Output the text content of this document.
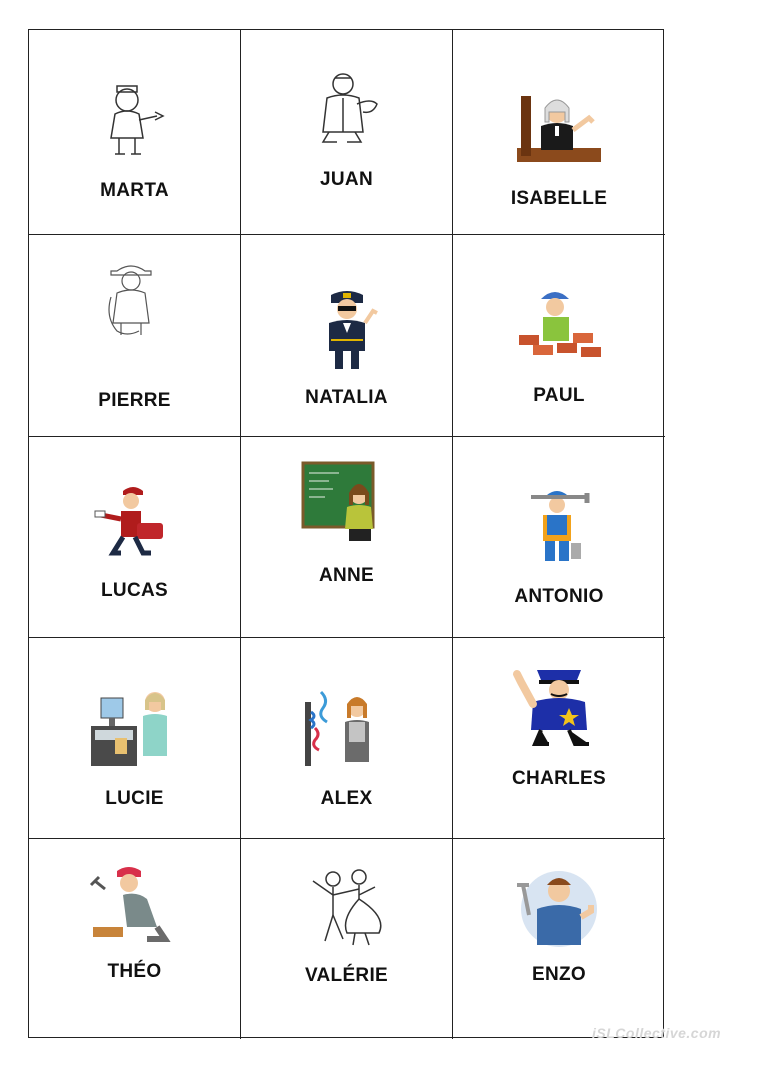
MARTA
JUAN
ISABELLE
PIERRE	NATALIA	PAUL
LUCAS
ANNE
ANTONIO
LUCIE	ALEX
CHARLES
THÉO	VALÉRIE	ENZO
iSLCollective.com
